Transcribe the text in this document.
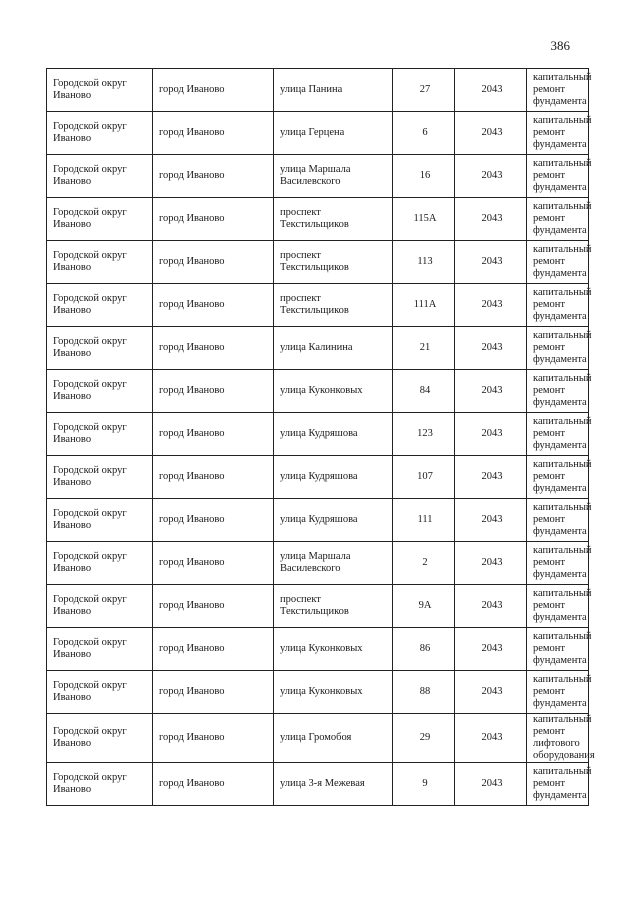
386
Городской округ Иваново	город Иваново	улица Панина	27	2043	капитальный ремонт фундамента
Городской округ Иваново	город Иваново	улица Герцена	6	2043	капитальный ремонт фундамента
Городской округ Иваново	город Иваново	улица Маршала Василевского	16	2043	капитальный ремонт фундамента
Городской округ Иваново	город Иваново	проспект Текстильщиков	115А	2043	капитальный ремонт фундамента
Городской округ Иваново	город Иваново	проспект Текстильщиков	113	2043	капитальный ремонт фундамента
Городской округ Иваново	город Иваново	проспект Текстильщиков	111А	2043	капитальный ремонт фундамента
Городской округ Иваново	город Иваново	улица Калинина	21	2043	капитальный ремонт фундамента
Городской округ Иваново	город Иваново	улица Куконковых	84	2043	капитальный ремонт фундамента
Городской округ Иваново	город Иваново	улица Кудряшова	123	2043	капитальный ремонт фундамента
Городской округ Иваново	город Иваново	улица Кудряшова	107	2043	капитальный ремонт фундамента
Городской округ Иваново	город Иваново	улица Кудряшова	111	2043	капитальный ремонт фундамента
Городской округ Иваново	город Иваново	улица Маршала Василевского	2	2043	капитальный ремонт фундамента
Городской округ Иваново	город Иваново	проспект Текстильщиков	9А	2043	капитальный ремонт фундамента
Городской округ Иваново	город Иваново	улица Куконковых	86	2043	капитальный ремонт фундамента
Городской округ Иваново	город Иваново	улица Куконковых	88	2043	капитальный ремонт фундамента
Городской округ Иваново	город Иваново	улица Громобоя	29	2043	капитальный ремонт лифтового оборудования
Городской округ Иваново	город Иваново	улица 3-я Межевая	9	2043	капитальный ремонт фундамента
